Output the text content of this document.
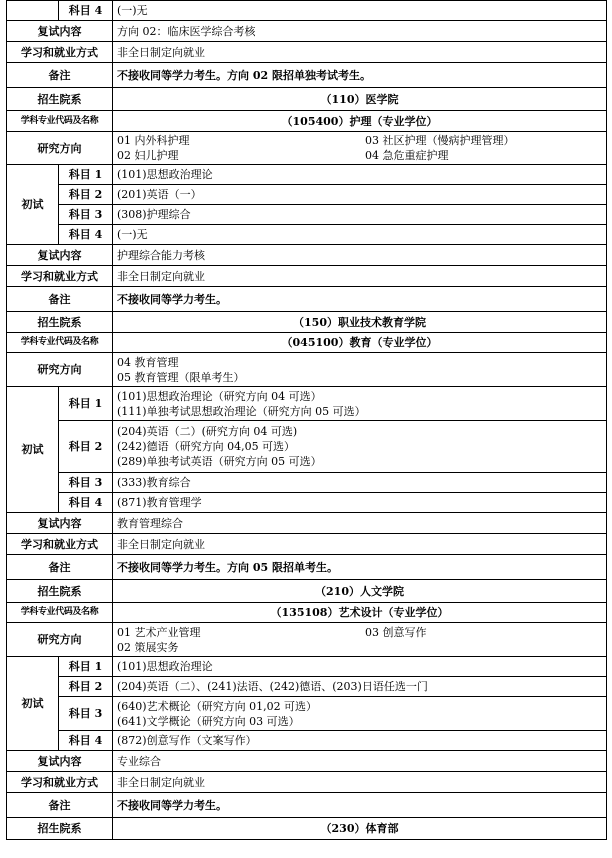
	科目 4	(一)无
复试内容		方向 02：临床医学综合考核
学习和就业方式		非全日制定向就业
备注		不接收同等学力考生。方向 02 限招单独考试考生。
招生院系		（110）医学院
学科专业代码及名称		（105400）护理（专业学位）
研究方向		01 内外科护理 03 社区护理（慢病护理管理）
02 妇儿护理 04 急危重症护理

初试	科目 1	(101)思想政治理论
	科目 2	(201)英语（一）
	科目 3	(308)护理综合
	科目 4	(一)无
复试内容		护理综合能力考核
学习和就业方式		非全日制定向就业
备注		不接收同等学力考生。
招生院系		（150）职业技术教育学院
学科专业代码及名称		（045100）教育（专业学位）
研究方向		04 教育管理
05 教育管理（限单考生）

初试	科目 1	(101)思想政治理论（研究方向 04 可选）
(111)单独考试思想政治理论（研究方向 05 可选）

	科目 2	(204)英语（二）(研究方向 04 可选)
(242)德语（研究方向 04,05 可选）
(289)单独考试英语（研究方向 05 可选）

	科目 3	(333)教育综合
	科目 4	(871)教育管理学
复试内容		教育管理综合
学习和就业方式		非全日制定向就业
备注		不接收同等学力考生。方向 05 限招单考生。
招生院系		（210）人文学院
学科专业代码及名称		（135108）艺术设计（专业学位）
研究方向		01 艺术产业管理 03 创意写作
02 策展实务

初试	科目 1	(101)思想政治理论
	科目 2	(204)英语（二）、(241)法语、(242)德语、(203)日语任选一门
	科目 3	(640)艺术概论（研究方向 01,02 可选）
(641)文学概论（研究方向 03 可选）

	科目 4	(872)创意写作（文案写作）
复试内容		专业综合
学习和就业方式		非全日制定向就业
备注		不接收同等学力考生。
招生院系		（230）体育部
